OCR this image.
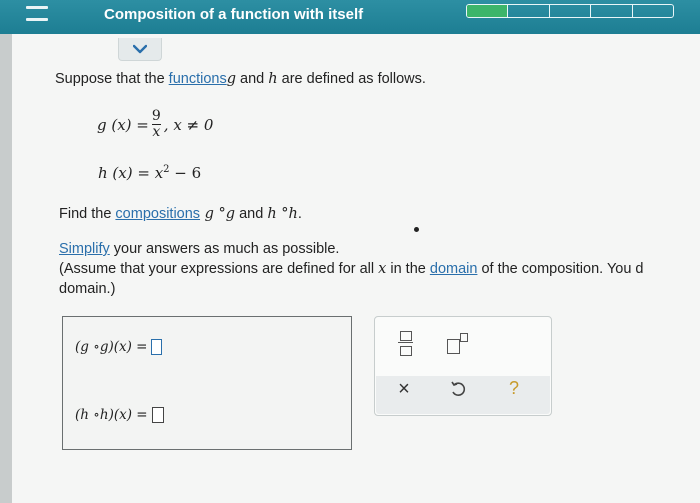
Composition of a function with itself
Suppose that the functionsg and h are defined as follows.
g $(x) = \frac{9}{x}$ , x ≠ 0
h $(x) = x^2 - 6$
Find the compositions g °g and h °h.
Simplify your answers as much as possible.
(Assume that your expressions are defined for all x in the domain of the composition. You d
domain.)
(g ∘g)(x) =
(h ∘h)(x) =
×	?
